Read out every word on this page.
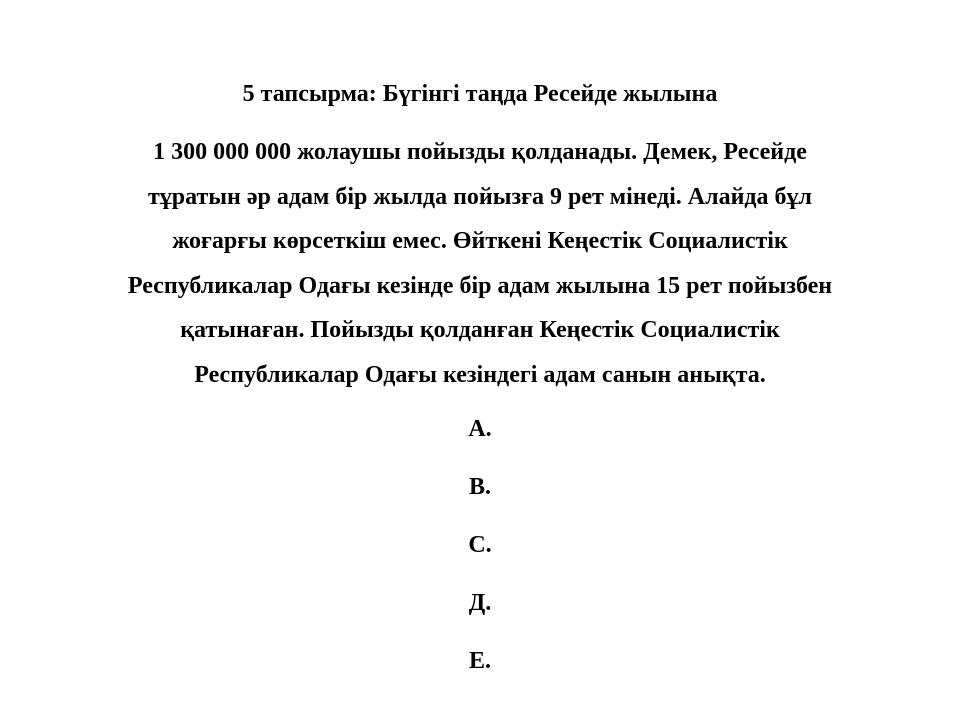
5 тапсырма: Бүгінгі таңда Ресейде жылына

1 300 000 000 жолаушы пойызды қолданады. Демек, Ресейде
тұратын әр адам бір жылда пойызға 9 рет мінеді. Алайда бұл
жоғарғы көрсеткіш емес. Өйткені Кеңестік Социалистік
Республикалар Одағы кезінде бір адам жылына 15 рет пойызбен
қатынаған. Пойызды қолданған Кеңестік Социалистік
Республикалар Одағы кезіндегі адам санын анықта.
А.
В.
С.
Д.
Е.
